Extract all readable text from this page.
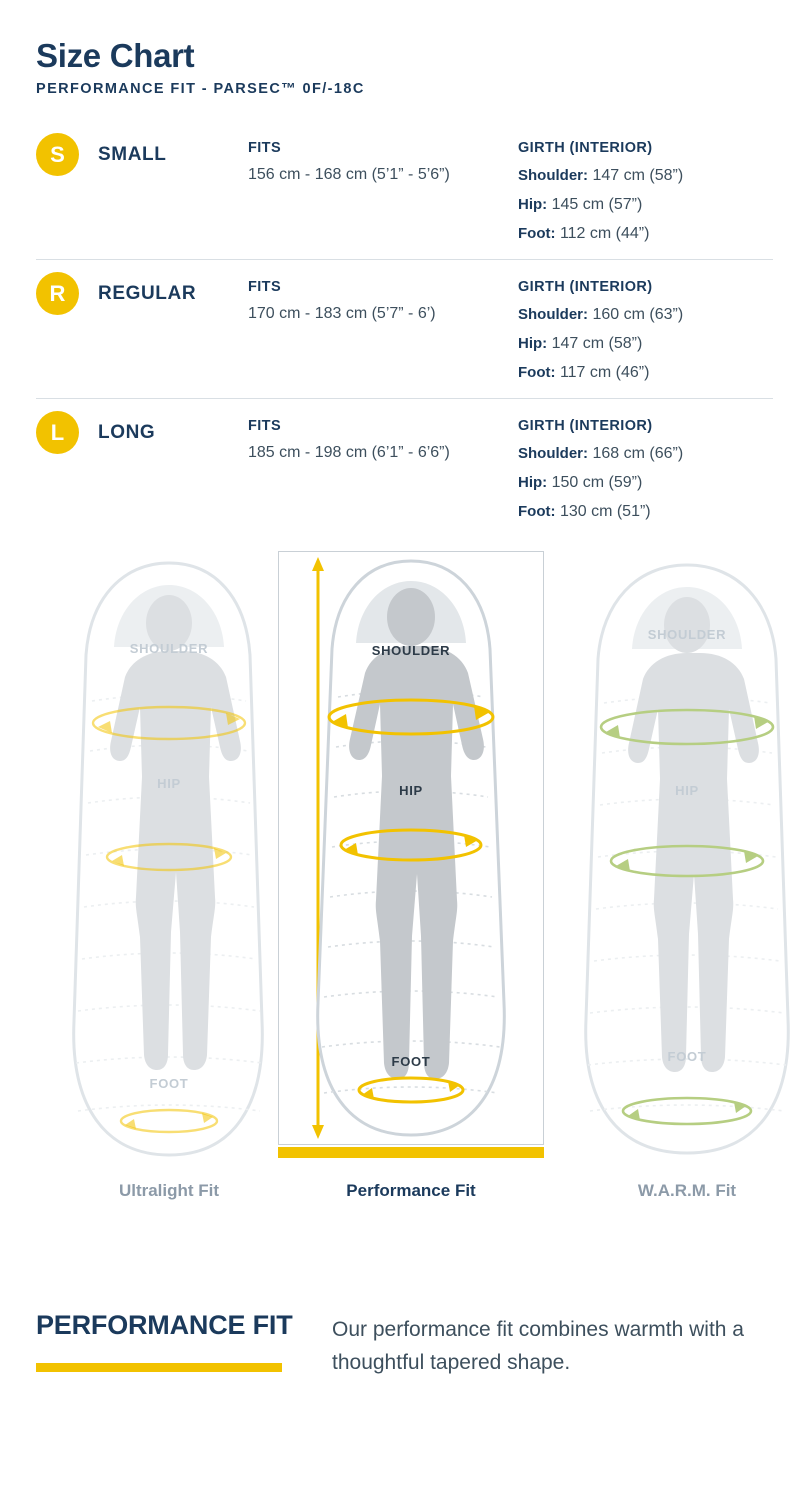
Size Chart
PERFORMANCE FIT - PARSEC™ 0F/-18C
S	SMALL	FITS
156 cm - 168 cm (5’1” - 5’6”)
GIRTH (INTERIOR)
Shoulder: 147 cm (58”)
Hip: 145 cm (57”)
Foot: 112 cm (44”)
R	REGULAR	FITS
170 cm - 183 cm (5’7” - 6’)
GIRTH (INTERIOR)
Shoulder: 160 cm (63”)
Hip: 147 cm (58”)
Foot: 117 cm (46”)
L	LONG	FITS
185 cm - 198 cm (6’1” - 6’6”)
GIRTH (INTERIOR)
Shoulder: 168 cm (66”)
Hip: 150 cm (59”)
Foot: 130 cm (51”)
SHOULDER
HIP
FOOT
SHOULDER
HIP
FOOT
SHOULDER
HIP
FOOT
Ultralight Fit	Performance Fit	W.A.R.M. Fit
PERFORMANCE FIT	Our performance fit combines warmth with a thoughtful tapered shape.
